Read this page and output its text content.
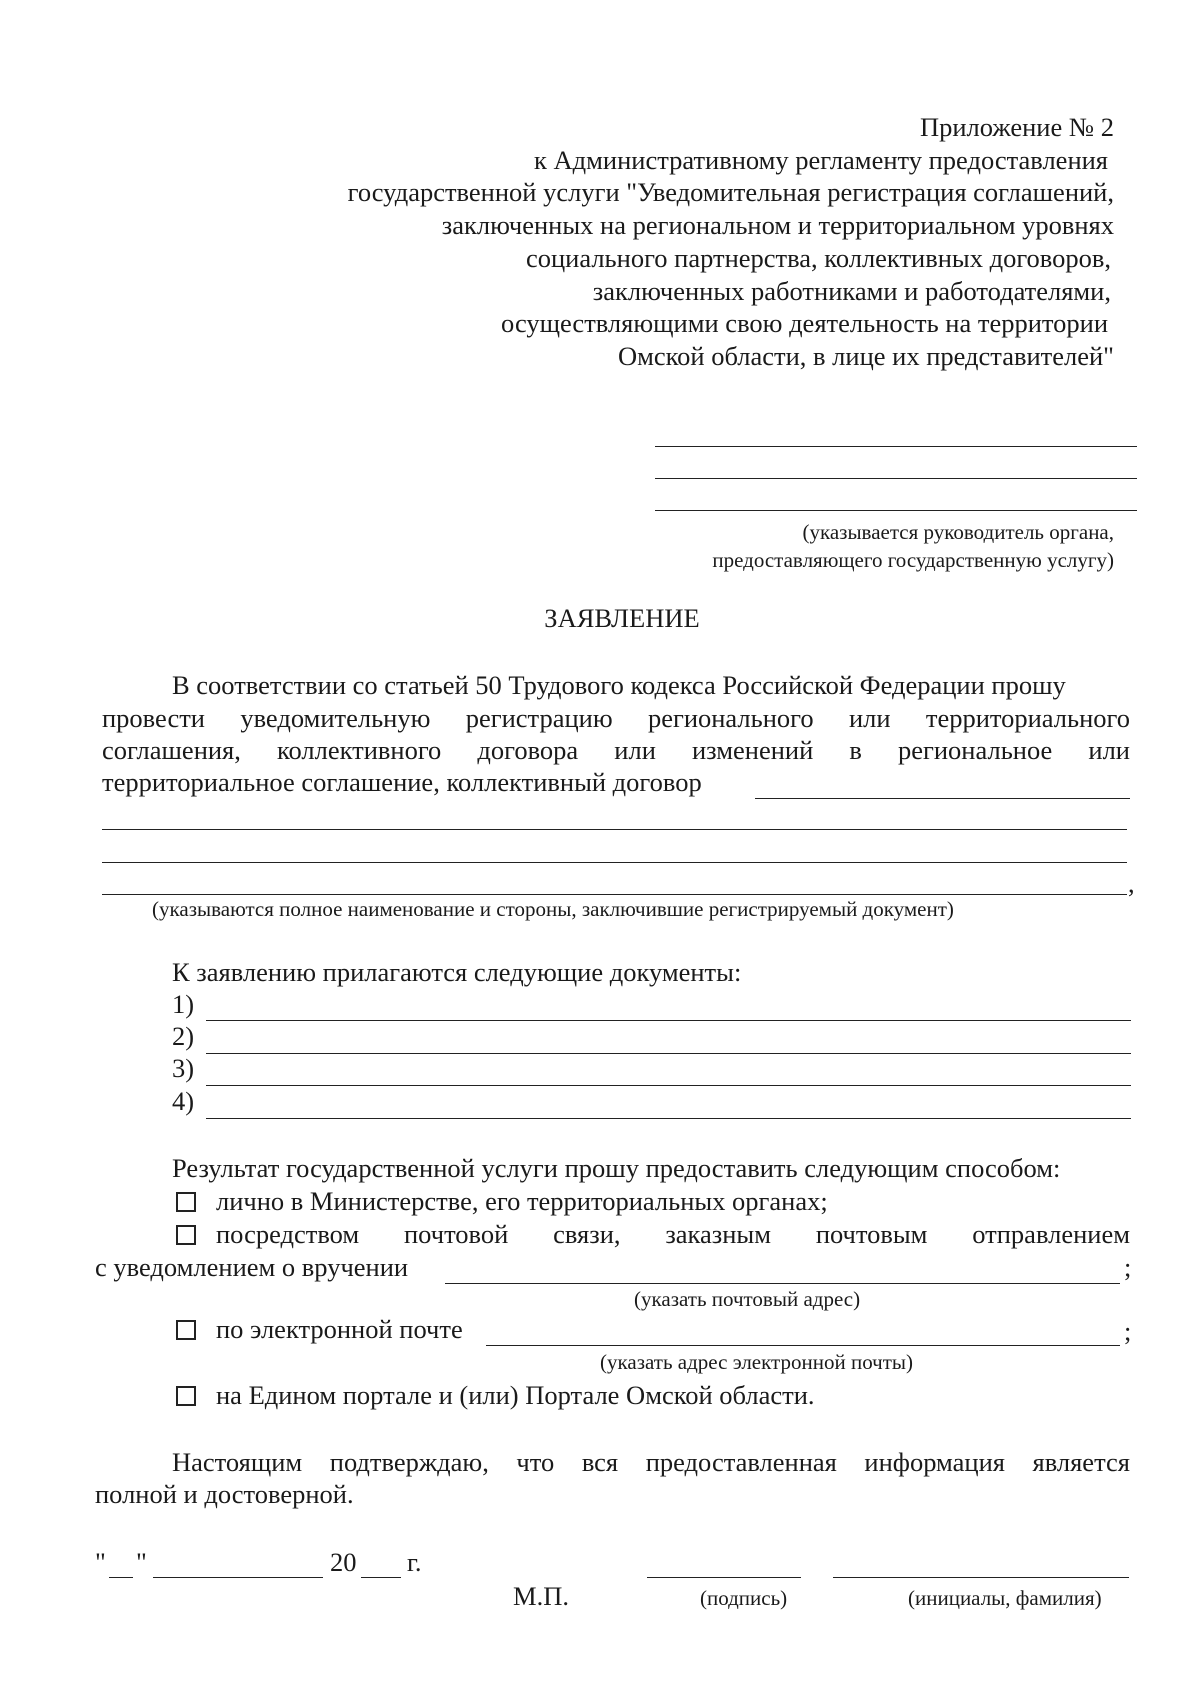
Приложение № 2
к Административному регламенту предоставления
государственной услуги "Уведомительная регистрация соглашений,
заключенных на региональном и территориальном уровнях
социального партнерства, коллективных договоров,
заключенных работниками и работодателями,
осуществляющими свою деятельность на территории
Омской области, в лице их представителей"
(указывается руководитель органа,
предоставляющего государственную услугу)
ЗАЯВЛЕНИЕ
В соответствии со статьей 50 Трудового кодекса Российской Федерации прошу
провести уведомительную регистрацию регионального или территориального
соглашения, коллективного договора или изменений в региональное или
территориальное соглашение, коллективный договор
,
(указываются полное наименование и стороны, заключившие регистрируемый документ)
К заявлению прилагаются следующие документы:
1)
2)
3)
4)
Результат государственной услуги прошу предоставить следующим способом:
лично в Министерстве, его территориальных органах;
посредством почтовой связи, заказным почтовым отправлением
с уведомлением о вручении	;
(указать почтовый адрес)
по электронной почте	;
(указать адрес электронной почты)
на Едином портале и (или) Портале Омской области.
Настоящим подтверждаю, что вся предоставленная информация является
полной и достоверной.
" "	20 г.
М.П.	(подпись)	(инициалы, фамилия)
